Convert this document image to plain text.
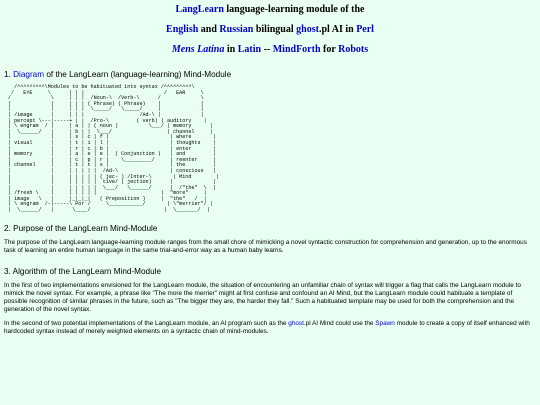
LangLearn language-learning module of the
English and Russian bilingual ghost.pl AI in Perl
Mens Latina in Latin -- MindForth for Robots
1. Diagram of the LangLearn (language-learning) Mind-Module
/^^^^^^^^^\Modules to be habituated into syntax /^^^^^^^^^\
/   EYE     \      | | |                          /   EAR     \
/             \     | | |  /Noun-\  /Verb-\      /             \
|             |     | | | ( Phrase) ( Phrase)    |             |
|             |     | | |  \_____/   \_____/     |             |
| /image      |     | | |                  /Ad-\ |             |
| percept \---|-----+ | |  /Pro-\         ( verb) | auditory    |
| \ engram  / |     | a | | ( noun )          \___/ | memory      |
|  \______/   |     | b | |  \___/                  | channel     |
|             |     | s | c | f |                    | where       |
| visual      |     | t | i | l |                    | thoughts    |
|             |     | r | c | b |                    | enter       |
| memory      |     | a | e | e |  ( Conjunction )   | and         |
|             |     | c | p | r |    \_________/     | reenter     |
| channel     |     | t | t | s |                    | the         |
|             |     | | | | |  /Ad-\                 | conscious   |
|             |     | | | | | ( jec- ) /Inter-\       | Mind        |
|             |     | | | | |  tive/ ( jection)      |             |
|             |     | | | | |  \___/   \______/      |  /"the"  \  |
| /fresh \    |     | | | | |                     |  "more"     |
| image   \   |     |_|_|_|   ( Preposition )     |  "the"   /  |
| \ engram  /-|-----\ Por /     \___________/       | \"merrier"/ |
|  \______/   |      \____/                        |  \_______/  |
2. Purpose of the LangLearn Mind-Module

The purpose of the LangLearn language-learning module ranges from the small chore of mimicking a novel syntactic construction for comprehension and generation, up to the enormous task of learning an entire human language in the same trial-and-error way as a human baby learns.

3. Algorithm of the LangLearn Mind-Module

In the first of two implementations envisioned for the LangLearn module, the situation of encountering an unfamiliar chain of syntax will trigger a flag that calls the LangLearn module to mimick the novel syntax. For example, a phrase like "The more the merrier" might at first confuse and confound an AI Mind, but the LangLearn module could habituate a template of possible recognition of similar phrases in the future, such as "The bigger they are, the harder they fall." Such a habituated template may be used for both the comprehension and the generation of the novel syntax.

In the second of two potential implementations of the LangLearn module, an AI program such as the ghost.pl AI Mind could use the Spawn module to create a copy of itself enhanced with hardcoded syntax instead of merely weighted elements on a syntactic chain of mind-modules.
